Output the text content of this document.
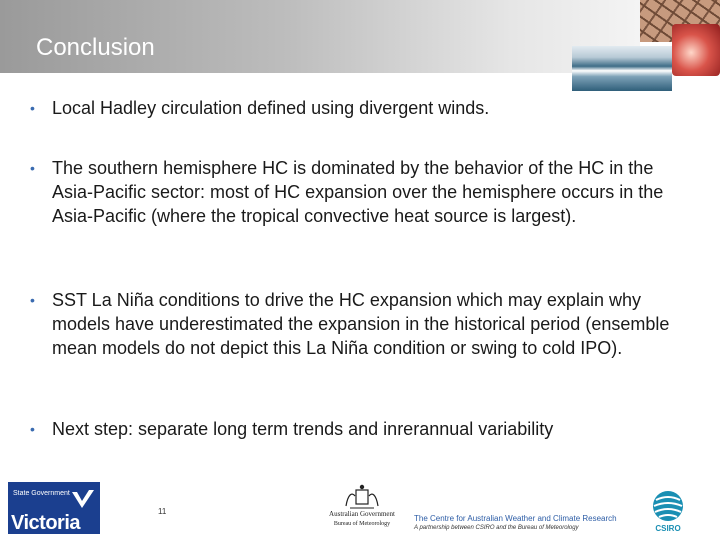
Conclusion
• Local Hadley circulation defined using divergent winds.
• The southern hemisphere HC is dominated by the behavior of the HC in the Asia-Pacific sector: most of HC expansion over the hemisphere occurs in the Asia-Pacific (where the tropical convective heat source is largest).
• SST La Niña conditions to drive the HC expansion which may explain why models have underestimated the expansion in the historical period (ensemble mean models do not depict this La Niña condition or swing to cold IPO).
• Next step: separate long term trends and inrerannual variability
State Government
Victoria
11	Australian Government
Bureau of Meteorology
The Centre for Australian Weather and Climate Research
A partnership between CSIRO and the Bureau of Meteorology	CSIRO
